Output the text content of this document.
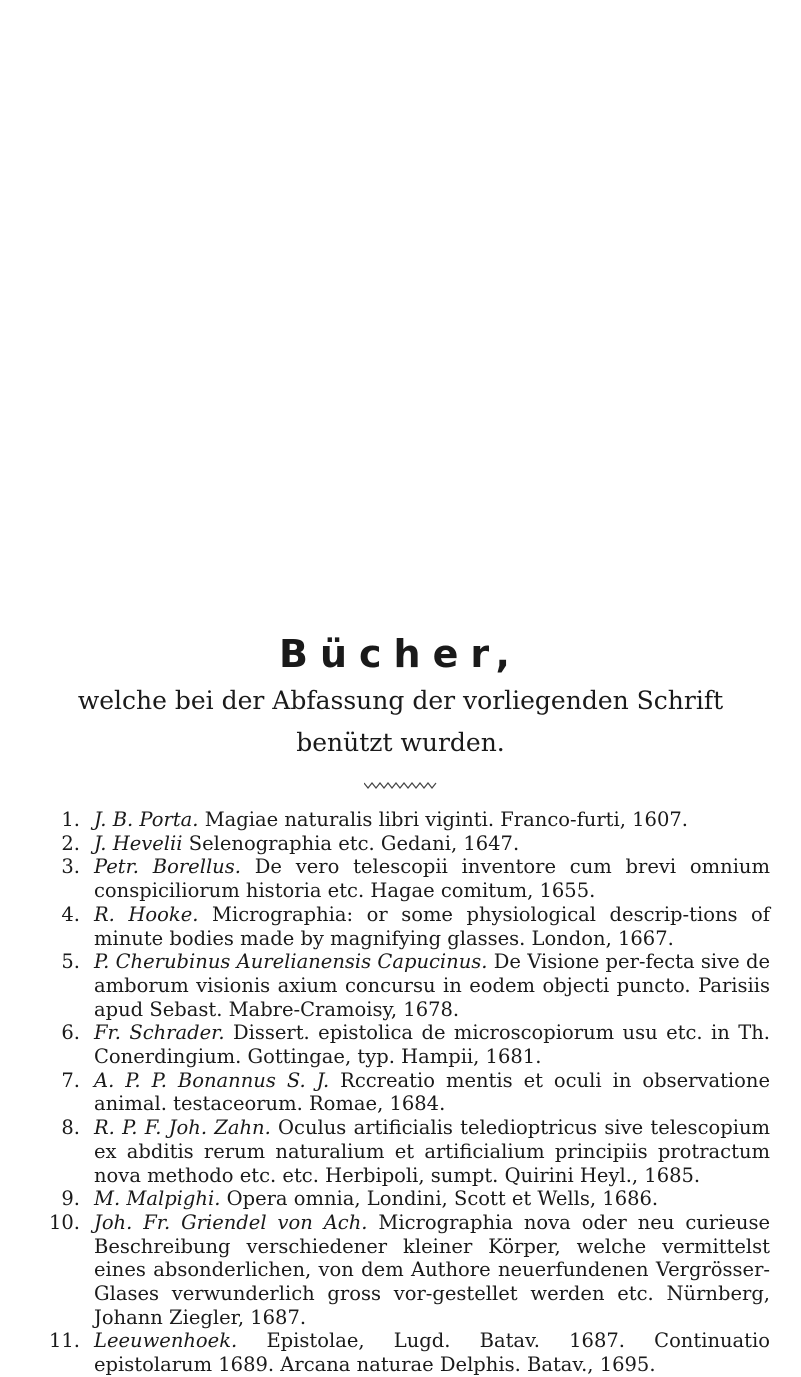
Bücher,
welche bei der Abfassung der vorliegenden Schrift benützt wurden.
1. J. B. Porta. Magiae naturalis libri viginti. Franco-furti, 1607.
2. J. Hevelii Selenographia etc. Gedani, 1647.
3. Petr. Borellus. De vero telescopii inventore cum brevi omnium conspiciliorum historia etc. Hagae comitum, 1655.
4. R. Hooke. Micrographia: or some physiological descrip-tions of minute bodies made by magnifying glasses. London, 1667.
5. P. Cherubinus Aurelianensis Capucinus. De Visione per-fecta sive de amborum visionis axium concursu in eodem objecti puncto. Parisiis apud Sebast. Mabre-Cramoisy, 1678.
6. Fr. Schrader. Dissert. epistolica de microscopiorum usu etc. in Th. Conerdingium. Gottingae, typ. Hampii, 1681.
7. A. P. P. Bonannus S. J. Rccreatio mentis et oculi in observatione animal. testaceorum. Romae, 1684.
8. R. P. F. Joh. Zahn. Oculus artificialis teledioptricus sive telescopium ex abditis rerum naturalium et artificialium principiis protractum nova methodo etc. etc. Herbipoli, sumpt. Quirini Heyl., 1685.
9. M. Malpighi. Opera omnia, Londini, Scott et Wells, 1686.
10. Joh. Fr. Griendel von Ach. Micrographia nova oder neu curieuse Beschreibung verschiedener kleiner Körper, welche vermittelst eines absonderlichen, von dem Authore neuerfundenen Vergrösser-Glases verwunderlich gross vor-gestellet werden etc. Nürnberg, Johann Ziegler, 1687.
11. Leeuwenhoek. Epistolae, Lugd. Batav. 1687. Continuatio epistolarum 1689. Arcana naturae Delphis. Batav., 1695.
